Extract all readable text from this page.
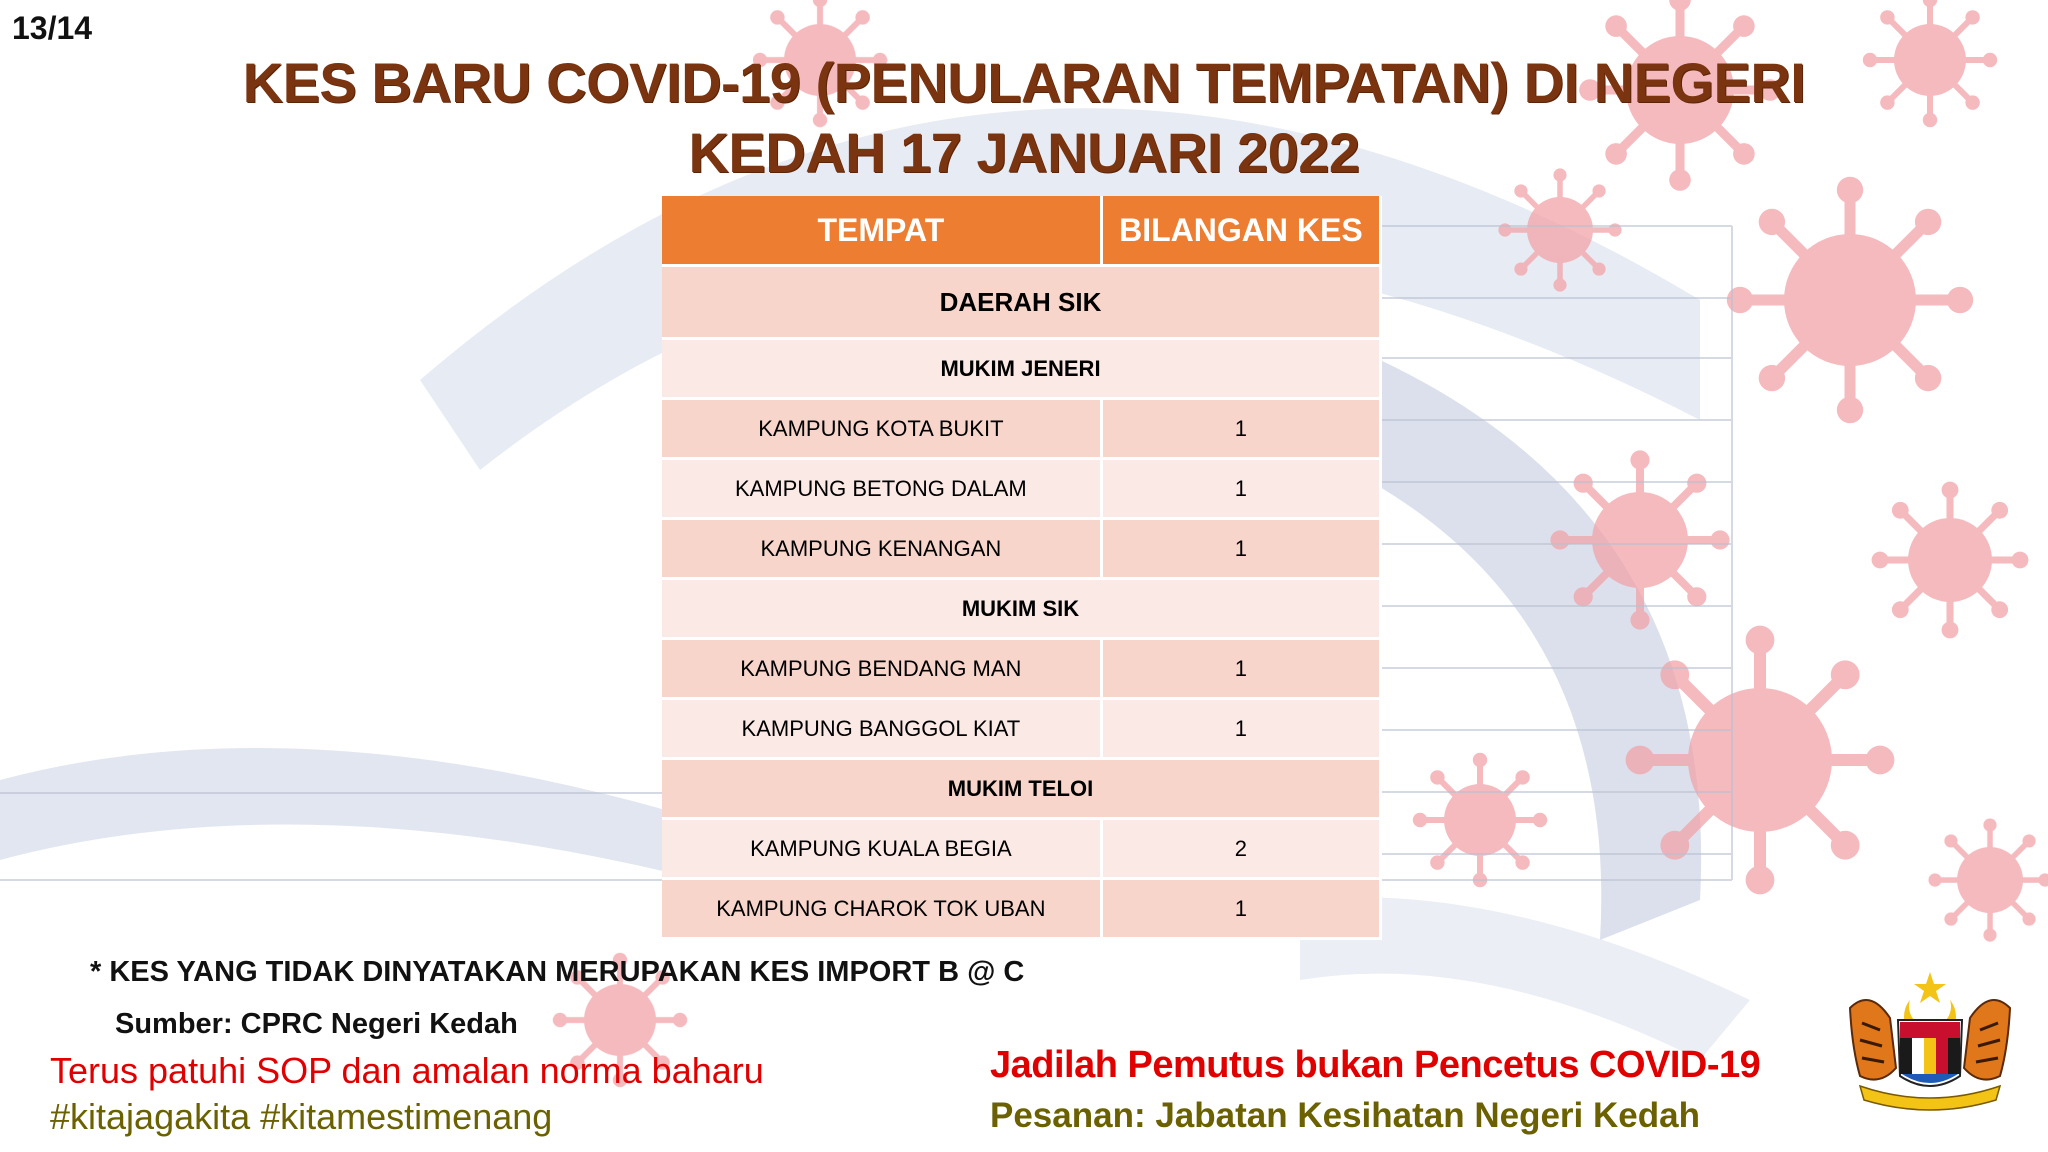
13/14
KES BARU COVID-19 (PENULARAN TEMPATAN) DI NEGERI
KEDAH 17 JANUARI 2022
TEMPAT	BILANGAN KES
DAERAH SIK	
MUKIM JENERI	
KAMPUNG KOTA BUKIT	1
KAMPUNG BETONG DALAM	1
KAMPUNG KENANGAN	1
MUKIM SIK	
KAMPUNG BENDANG MAN	1
KAMPUNG BANGGOL KIAT	1
MUKIM TELOI	
KAMPUNG KUALA BEGIA	2
KAMPUNG CHAROK TOK UBAN	1
* KES YANG TIDAK DINYATAKAN MERUPAKAN KES IMPORT B @ C
Sumber: CPRC Negeri Kedah
Terus patuhi SOP dan amalan norma baharu
#kitajagakita #kitamestimenang
Jadilah Pemutus bukan Pencetus COVID-19
Pesanan: Jabatan Kesihatan Negeri Kedah
